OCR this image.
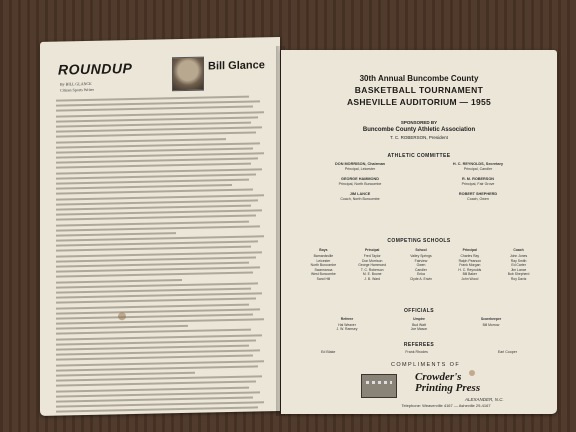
ROUNDUP
By BILL GLANCE
Citizen Sports Writer
Bill Glance
30th Annual Buncombe County
BASKETBALL TOURNAMENT
ASHEVILLE AUDITORIUM — 1955
SPONSORED BY
Buncombe County Athletic Association
T. C. ROBERSON, President
ATHLETIC COMMITTEE
DON MORRISON, Chairman
Principal, Leicester
H. C. REYNOLDS, Secretary
Principal, Candler
GEORGE HAMMOND
Principal, North Buncombe
R. M. ROBERSON
Principal, Fair Grove
JIM LANCE
Coach, North Buncombe
ROBERT SHEPHERD
Coach, Owen
COMPETING SCHOOLS
Boys
Barnardsville
Leicester
North Buncombe
Swannanoa
West Buncombe
Sand Hill
Principal
Fred Taylor
Don Morrison
George Hammond
T. C. Roberson
M. E. Boone
J. B. Ward
School
Valley Springs
Fairview
Owen
Candler
Enka
Clyde A. Erwin
Principal
Charles Ray
Ralph Pearson
Frank Morgan
H. C. Reynolds
Bill Baker
John Wood
Coach
John Jones
Ray Smith
Ed Carter
Jim Lance
Bob Shepherd
Roy Davis
OFFICIALS
Referee
Hal Weaver
J. W. Ramsey
Umpire
Bud Watt
Joe Mason
Scorekeeper
Bill Morrow
REFEREES
Ed Blake	Frank Rhodes	Earl Cooper
COMPLIMENTS OF
Crowder's
Printing Press
ALEXANDER, N.C.
Telephone: Weaverville 4167 — Asheville 29-4167
